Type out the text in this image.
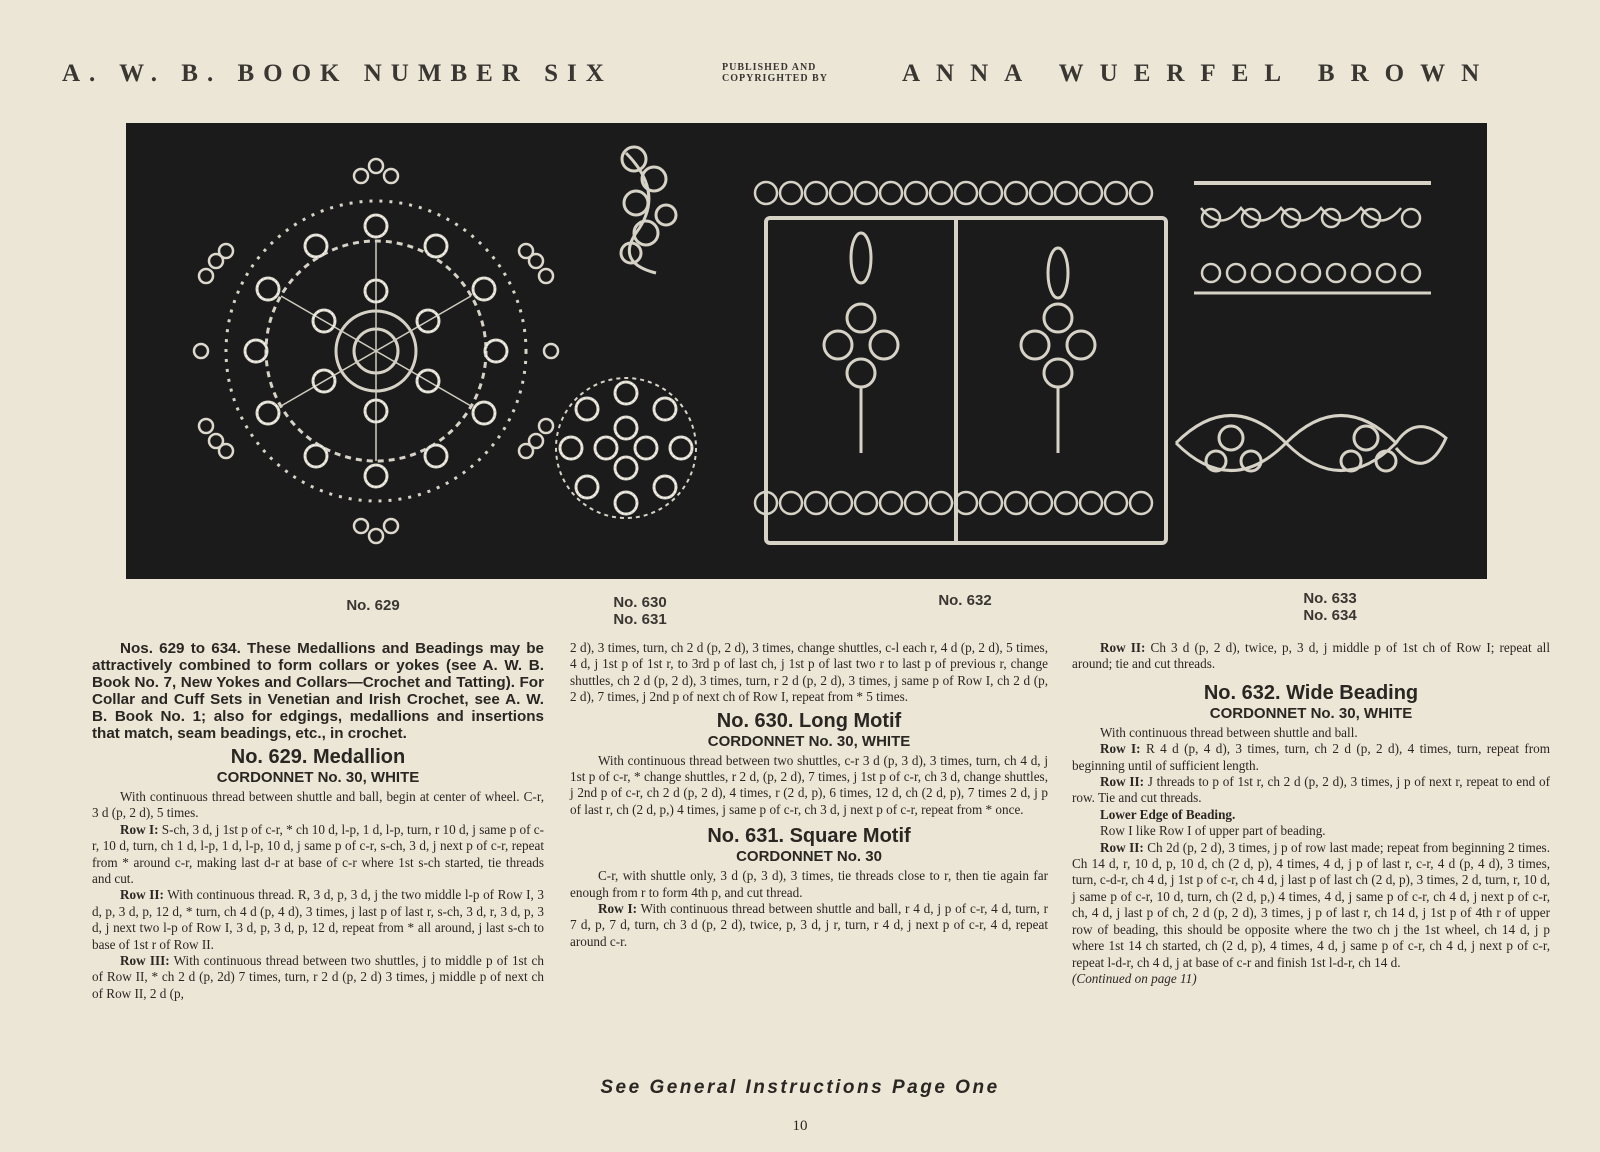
A. W. B. BOOK NUMBER SIX	PUBLISHED AND
COPYRIGHTED BY	ANNA WUERFEL BROWN
No. 629	No. 630
No. 631
No. 632	No. 633
No. 634

Nos. 629 to 634. These Medallions and Beadings may be attractively combined to form collars or yokes (see A. W. B. Book No. 7, New Yokes and Collars—Crochet and Tatting). For Collar and Cuff Sets in Venetian and Irish Crochet, see A. W. B. Book No. 1; also for edgings, medallions and insertions that match, seam beadings, etc., in crochet.

No. 629. Medallion
CORDONNET No. 30, WHITE

With continuous thread between shuttle and ball, begin at center of wheel. C-r, 3 d (p, 2 d), 5 times.

Row I: S-ch, 3 d, j 1st p of c-r, * ch 10 d, l-p, 1 d, l-p, turn, r 10 d, j same p of c-r, 10 d, turn, ch 1 d, l-p, 1 d, l-p, 10 d, j same p of c-r, s-ch, 3 d, j next p of c-r, repeat from * around c-r, making last d-r at base of c-r where 1st s-ch started, tie threads and cut.

Row II: With continuous thread. R, 3 d, p, 3 d, j the two middle l-p of Row I, 3 d, p, 3 d, p, 12 d, * turn, ch 4 d (p, 4 d), 3 times, j last p of last r, s-ch, 3 d, r, 3 d, p, 3 d, j next two l-p of Row I, 3 d, p, 3 d, p, 12 d, repeat from * all around, j last s-ch to base of 1st r of Row II.

Row III: With continuous thread between two shuttles, j to middle p of 1st ch of Row II, * ch 2 d (p, 2d) 7 times, turn, r 2 d (p, 2 d) 3 times, j middle p of next ch of Row II, 2 d (p,

2 d), 3 times, turn, ch 2 d (p, 2 d), 3 times, change shuttles, c-l each r, 4 d (p, 2 d), 5 times, 4 d, j 1st p of 1st r, to 3rd p of last ch, j 1st p of last two r to last p of previous r, change shuttles, ch 2 d (p, 2 d), 3 times, turn, r 2 d (p, 2 d), 3 times, j same p of Row I, ch 2 d (p, 2 d), 7 times, j 2nd p of next ch of Row I, repeat from * 5 times.

No. 630. Long Motif
CORDONNET No. 30, WHITE

With continuous thread between two shuttles, c-r 3 d (p, 3 d), 3 times, turn, ch 4 d, j 1st p of c-r, * change shuttles, r 2 d, (p, 2 d), 7 times, j 1st p of c-r, ch 3 d, change shuttles, j 2nd p of c-r, ch 2 d (p, 2 d), 4 times, r (2 d, p), 6 times, 12 d, ch (2 d, p), 7 times 2 d, j p of last r, ch (2 d, p,) 4 times, j same p of c-r, ch 3 d, j next p of c-r, repeat from * once.

No. 631. Square Motif
CORDONNET No. 30

C-r, with shuttle only, 3 d (p, 3 d), 3 times, tie threads close to r, then tie again far enough from r to form 4th p, and cut thread.

Row I: With continuous thread between shuttle and ball, r 4 d, j p of c-r, 4 d, turn, r 7 d, p, 7 d, turn, ch 3 d (p, 2 d), twice, p, 3 d, j r, turn, r 4 d, j next p of c-r, 4 d, repeat around c-r.

Row II: Ch 3 d (p, 2 d), twice, p, 3 d, j middle p of 1st ch of Row I; repeat all around; tie and cut threads.

No. 632. Wide Beading
CORDONNET No. 30, WHITE

With continuous thread between shuttle and ball.

Row I: R 4 d (p, 4 d), 3 times, turn, ch 2 d (p, 2 d), 4 times, turn, repeat from beginning until of sufficient length.

Row II: J threads to p of 1st r, ch 2 d (p, 2 d), 3 times, j p of next r, repeat to end of row. Tie and cut threads.

Lower Edge of Beading.

Row I like Row I of upper part of beading.

Row II: Ch 2d (p, 2 d), 3 times, j p of row last made; repeat from beginning 2 times. Ch 14 d, r, 10 d, p, 10 d, ch (2 d, p), 4 times, 4 d, j p of last r, c-r, 4 d (p, 4 d), 3 times, turn, c-d-r, ch 4 d, j 1st p of c-r, ch 4 d, j last p of last ch (2 d, p), 3 times, 2 d, turn, r, 10 d, j same p of c-r, 10 d, turn, ch (2 d, p,) 4 times, 4 d, j same p of c-r, ch 4 d, j next p of c-r, ch, 4 d, j last p of ch, 2 d (p, 2 d), 3 times, j p of last r, ch 14 d, j 1st p of 4th r of upper row of beading, this should be opposite where the two ch j the 1st wheel, ch 14 d, j p where 1st 14 ch started, ch (2 d, p), 4 times, 4 d, j same p of c-r, ch 4 d, j next p of c-r, repeat l-d-r, ch 4 d, j at base of c-r and finish 1st l-d-r, ch 14 d.

(Continued on page 11)

See General Instructions Page One
10
